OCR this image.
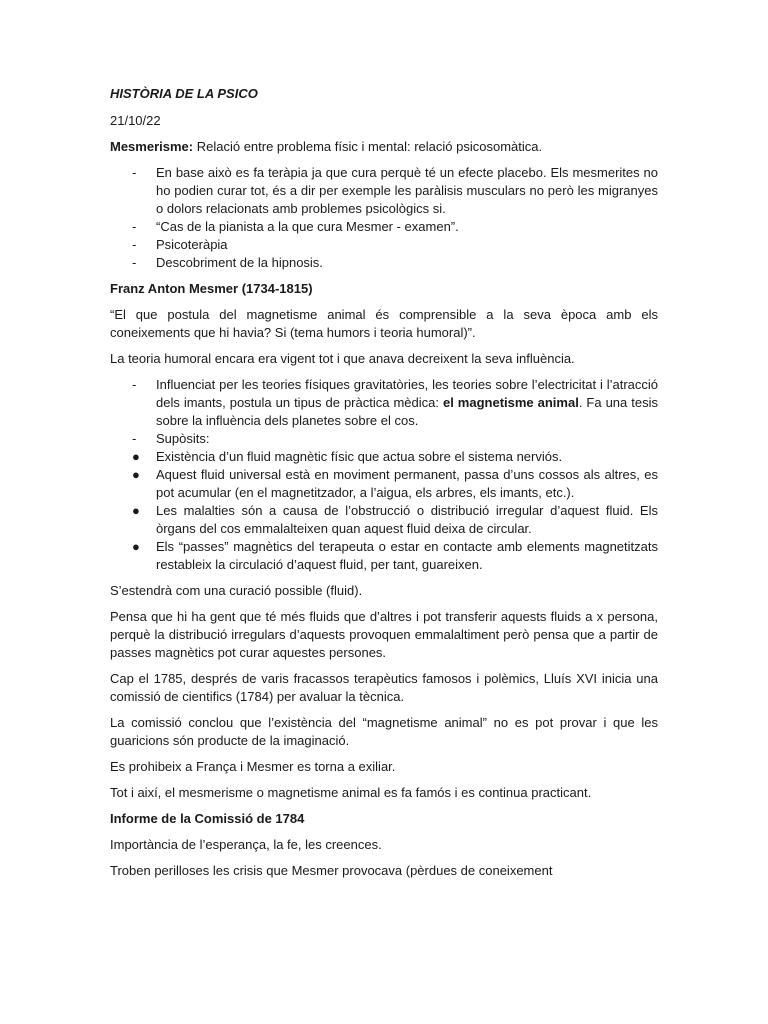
HISTÒRIA DE LA PSICO

21/10/22

Mesmerisme: Relació entre problema físic i mental: relació psicosomàtica.

-	En base això es fa teràpia ja que cura perquè té un efecte placebo. Els mesmerites no ho podien curar tot, és a dir per exemple les paràlisis musculars no però les migranyes o dolors relacionats amb problemes psicològics si.
-	“Cas de la pianista a la que cura Mesmer - examen”.
-	Psicoteràpia
-	Descobriment de la hipnosis.

Franz Anton Mesmer (1734-1815)

“El que postula del magnetisme animal és comprensible a la seva època amb els coneixements que hi havia? Si (tema humors i teoria humoral)”.

La teoria humoral encara era vigent tot i que anava decreixent la seva influència.

-	Influenciat per les teories físiques gravitatòries, les teories sobre l’electricitat i l’atracció dels imants, postula un tipus de pràctica mèdica: el magnetisme animal. Fa una tesis sobre la influència dels planetes sobre el cos.
-	Supòsits:
●	Existència d’un fluid magnètic físic que actua sobre el sistema nerviós.
●	Aquest fluid universal està en moviment permanent, passa d’uns cossos als altres, es pot acumular (en el magnetitzador, a l’aigua, els arbres, els imants, etc.).
●	Les malalties són a causa de l’obstrucció o distribució irregular d’aquest fluid. Els òrgans del cos emmalalteixen quan aquest fluid deixa de circular.
●	Els “passes” magnètics del terapeuta o estar en contacte amb elements magnetitzats restableix la circulació d’aquest fluid, per tant, guareixen.

S’estendrà com una curació possible (fluid).

Pensa que hi ha gent que té més fluids que d’altres i pot transferir aquests fluids a x persona, perquè la distribució irregulars d’aquests provoquen emmalaltiment però pensa que a partir de passes magnètics pot curar aquestes persones.

Cap el 1785, després de varis fracassos terapèutics famosos i polèmics, Lluís XVI inicia una comissió de cientifics (1784) per avaluar la tècnica.

La comissió conclou que l’existència del “magnetisme animal” no es pot provar i que les guaricions són producte de la imaginació.

Es prohibeix a França i Mesmer es torna a exiliar.

Tot i així, el mesmerisme o magnetisme animal es fa famós i es continua practicant.

Informe de la Comissió de 1784

Importància de l’esperança, la fe, les creences.

Troben perilloses les crisis que Mesmer provocava (pèrdues de coneixement
